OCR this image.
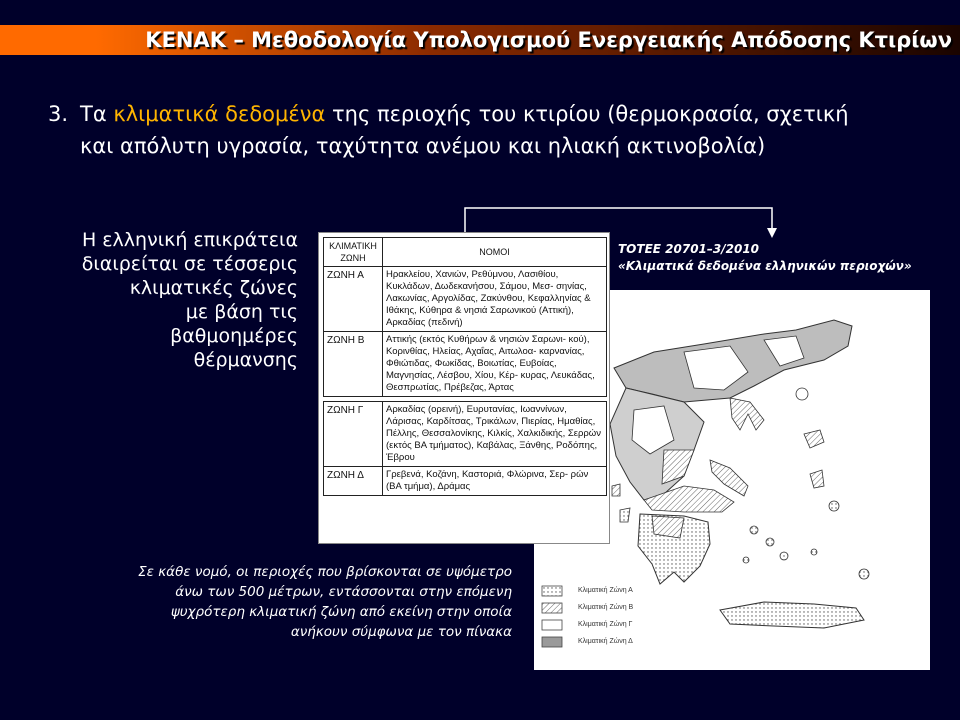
ΚΕΝΑΚ – Μεθοδολογία Υπολογισμού Ενεργειακής Απόδοσης Κτιρίων
3. Τα κλιματικά δεδομένα της περιοχής του κτιρίου (θερμοκρασία, σχετική
και απόλυτη υγρασία, ταχύτητα ανέμου και ηλιακή ακτινοβολία)
Η ελληνική επικράτεια
διαιρείται σε τέσσερις
κλιματικές ζώνες
με βάση τις
βαθμοημέρες
θέρμανσης
ΤΟΤΕΕ 20701–3/2010
«Κλιματικά δεδομένα ελληνικών περιοχών»
Κλιματική Ζώνη Α
Κλιματική Ζώνη Β
Κλιματική Ζώνη Γ
Κλιματική Ζώνη Δ
ΚΛΙΜΑΤΙΚΗ
ΖΩΝΗ	ΝΟΜΟΙ
ΖΩΝΗ Α	Ηρακλείου, Χανιών, Ρεθύμνου, Λασιθίου, Κυκλάδων, Δωδεκανήσου, Σάμου, Μεσ- σηνίας, Λακωνίας, Αργολίδας, Ζακύνθου, Κεφαλληνίας & Ιθάκης, Κύθηρα & νησιά Σαρωνικού (Αττική), Αρκαδίας (πεδινή)
ΖΩΝΗ Β	Αττικής (εκτός Κυθήρων & νησιών Σαρωνι- κού), Κορινθίας, Ηλείας, Αχαΐας, Αιτωλοα- καρνανίας, Φθιώτιδας, Φωκίδας, Βοιωτίας, Ευβοίας, Μαγνησίας, Λέσβου, Χίου, Κέρ- κυρας, Λευκάδας, Θεσπρωτίας, Πρέβεζας, Άρτας

ΖΩΝΗ Γ	Αρκαδίας (ορεινή), Ευρυτανίας, Ιωαννίνων, Λάρισας, Καρδίτσας, Τρικάλων, Πιερίας, Ημαθίας, Πέλλης, Θεσσαλονίκης, Κιλκίς, Χαλκιδικής, Σερρών (εκτός ΒΑ τμήματος), Καβάλας, Ξάνθης, Ροδόπης, Έβρου
ΖΩΝΗ Δ	Γρεβενά, Κοζάνη, Καστοριά, Φλώρινα, Σερ- ρών (ΒΑ τμήμα), Δράμας
Σε κάθε νομό, οι περιοχές που βρίσκονται σε υψόμετρο
άνω των 500 μέτρων, εντάσσονται στην επόμενη
ψυχρότερη κλιματική ζώνη από εκείνη στην οποία
ανήκουν σύμφωνα με τον πίνακα
